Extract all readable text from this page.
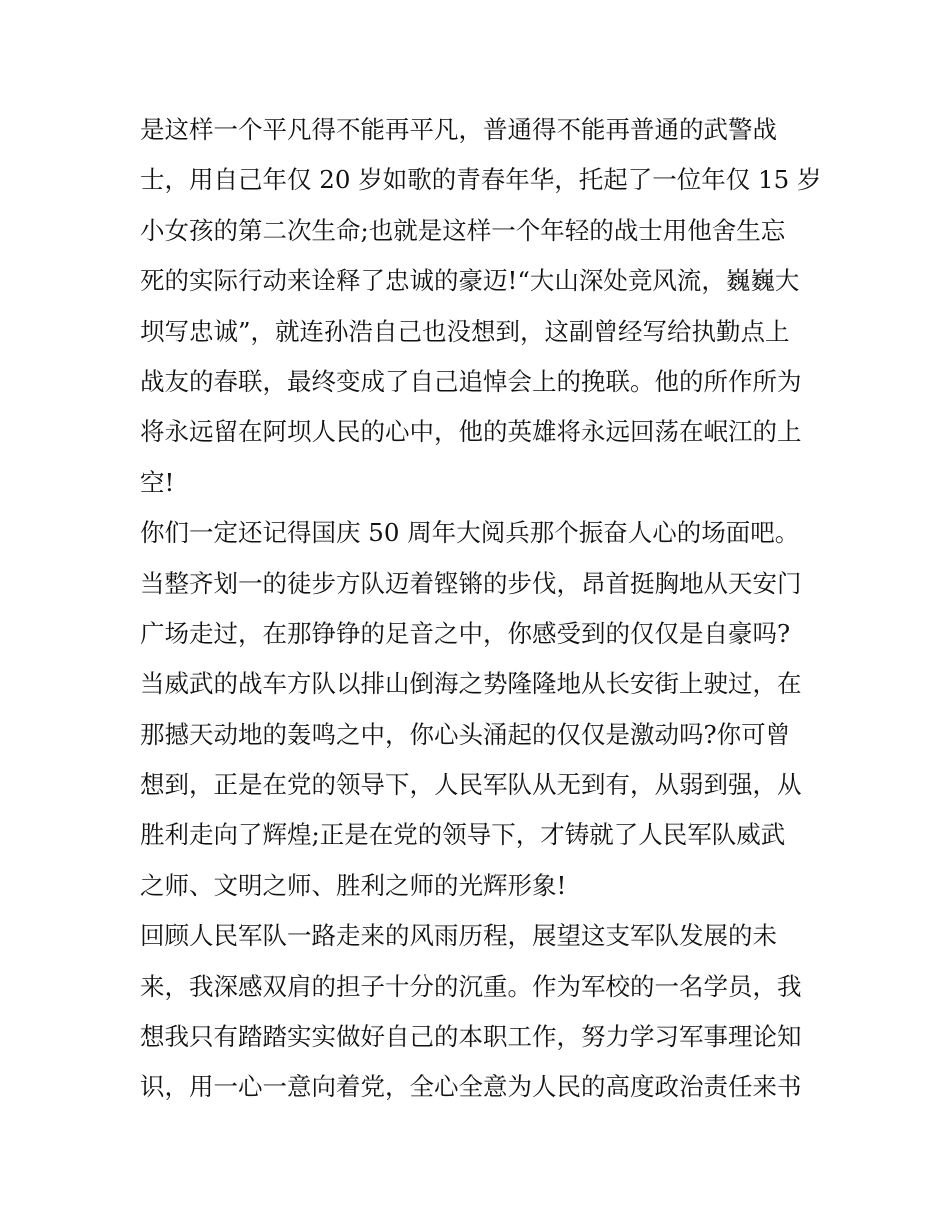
是这样一个平凡得不能再平凡，普通得不能再普通的武警战
士，用自己年仅 20 岁如歌的青春年华，托起了一位年仅 15 岁
小女孩的第二次生命;也就是这样一个年轻的战士用他舍生忘
死的实际行动来诠释了忠诚的豪迈!“大山深处竞风流，巍巍大
坝写忠诚”，就连孙浩自己也没想到，这副曾经写给执勤点上
战友的春联，最终变成了自己追悼会上的挽联。他的所作所为
将永远留在阿坝人民的心中，他的英雄将永远回荡在岷江的上
空!
你们一定还记得国庆 50 周年大阅兵那个振奋人心的场面吧。
当整齐划一的徒步方队迈着铿锵的步伐，昂首挺胸地从天安门
广场走过，在那铮铮的足音之中，你感受到的仅仅是自豪吗?
当威武的战车方队以排山倒海之势隆隆地从长安街上驶过，在
那撼天动地的轰鸣之中，你心头涌起的仅仅是激动吗?你可曾
想到，正是在党的领导下，人民军队从无到有，从弱到强，从
胜利走向了辉煌;正是在党的领导下，才铸就了人民军队威武
之师、文明之师、胜利之师的光辉形象!
回顾人民军队一路走来的风雨历程，展望这支军队发展的未
来，我深感双肩的担子十分的沉重。作为军校的一名学员，我
想我只有踏踏实实做好自己的本职工作，努力学习军事理论知
识，用一心一意向着党，全心全意为人民的高度政治责任来书
